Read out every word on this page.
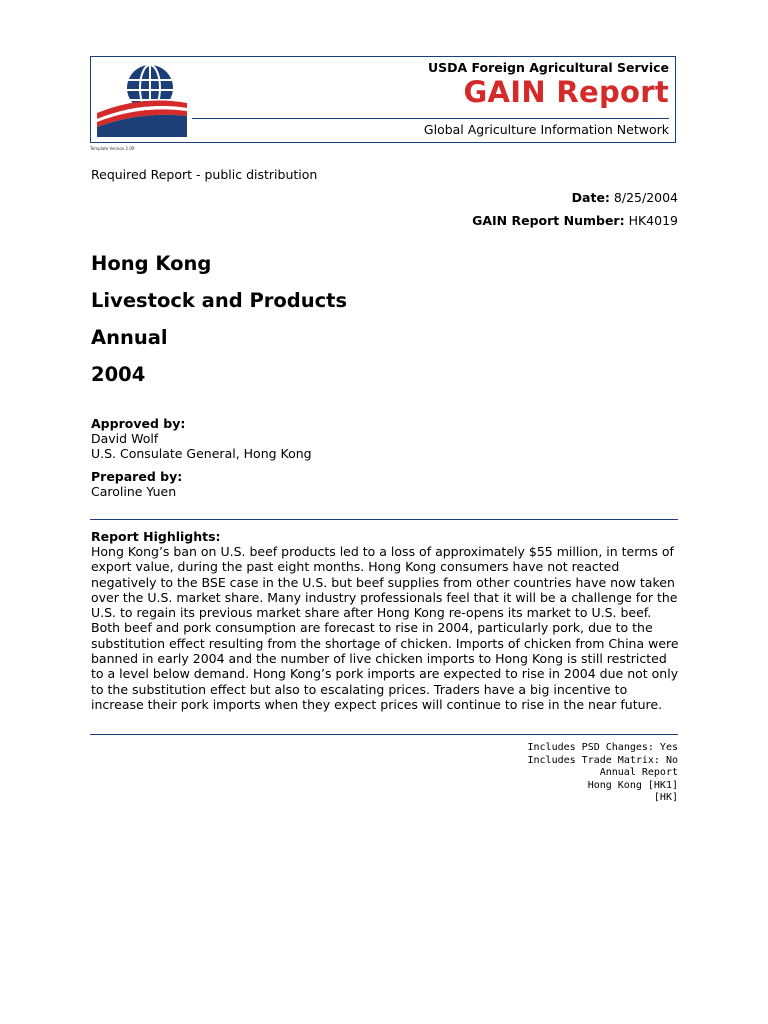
USDA Foreign Agricultural Service
GAIN Report
Global Agriculture Information Network
Template Version 2.09
Required Report - public distribution
Date: 8/25/2004
GAIN Report Number: HK4019
Hong Kong
Livestock and Products
Annual
2004
Approved by:
David Wolf
U.S. Consulate General, Hong Kong
Prepared by:
Caroline Yuen
Report Highlights:

Hong Kong’s ban on U.S. beef products led to a loss of approximately $55 million, in terms of export value, during the past eight months. Hong Kong consumers have not reacted negatively to the BSE case in the U.S. but beef supplies from other countries have now taken over the U.S. market share. Many industry professionals feel that it will be a challenge for the U.S. to regain its previous market share after Hong Kong re-opens its market to U.S. beef. Both beef and pork consumption are forecast to rise in 2004, particularly pork, due to the substitution effect resulting from the shortage of chicken. Imports of chicken from China were banned in early 2004 and the number of live chicken imports to Hong Kong is still restricted to a level below demand. Hong Kong’s pork imports are expected to rise in 2004 due not only to the substitution effect but also to escalating prices. Traders have a big incentive to increase their pork imports when they expect prices will continue to rise in the near future.

Includes PSD Changes: Yes
Includes Trade Matrix: No
Annual Report
Hong Kong [HK1]
[HK]
